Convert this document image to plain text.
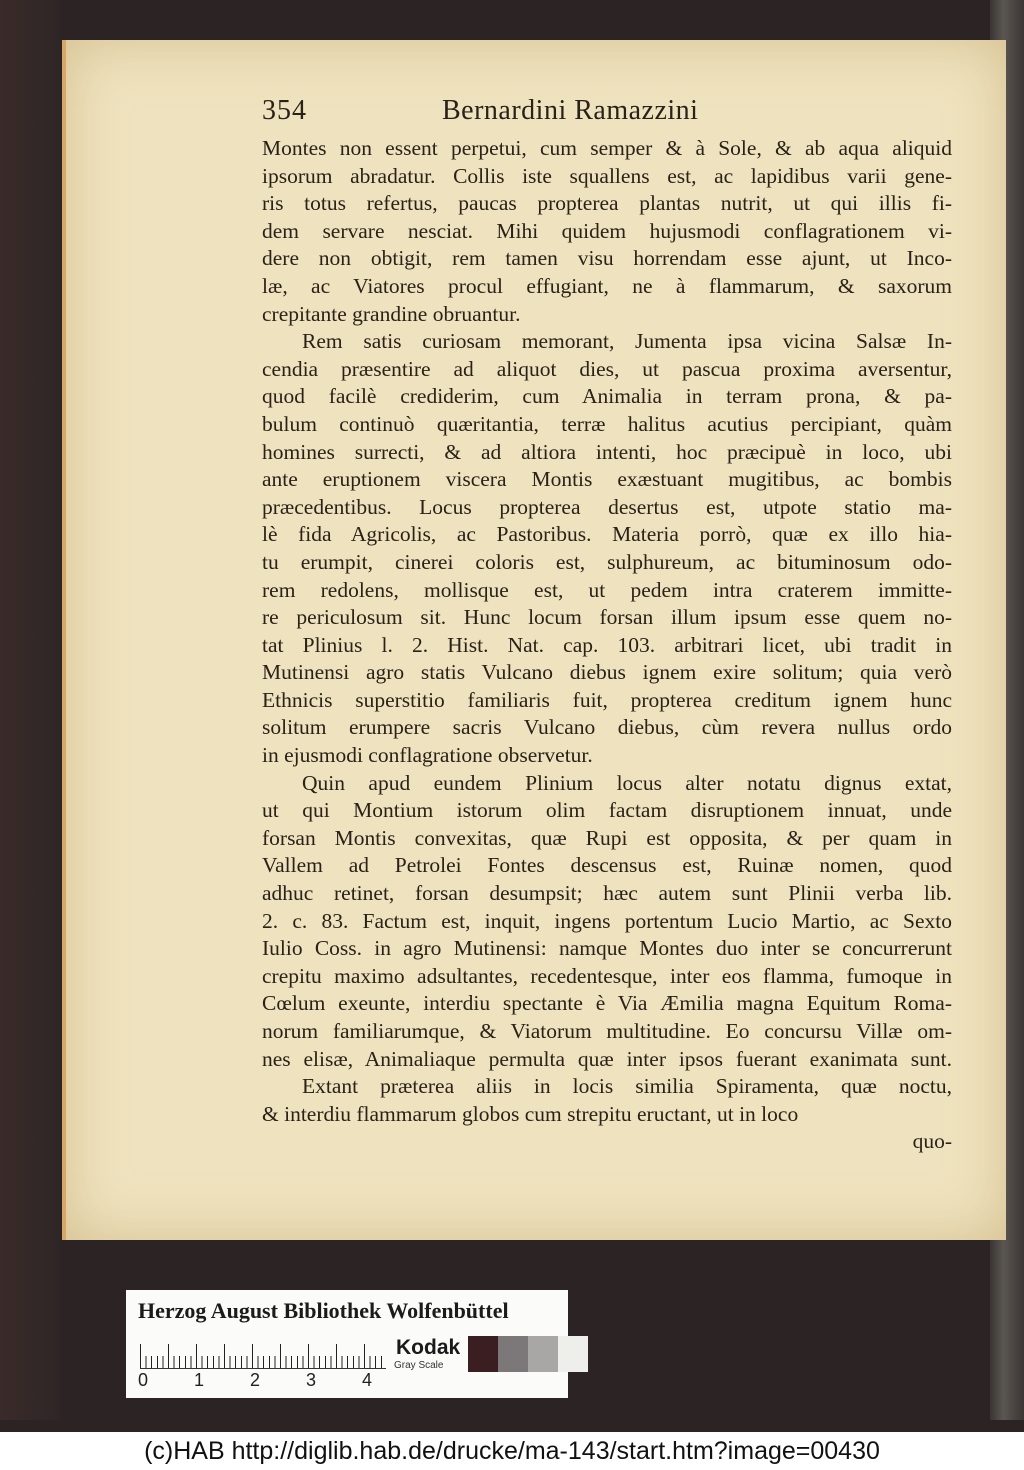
354	Bernardini Ramazzini
Montes non essent perpetui, cum semper & à Sole, & ab aqua aliquid
ipsorum abradatur. Collis iste squallens est, ac lapidibus varii gene-
ris totus refertus, paucas propterea plantas nutrit, ut qui illis fi-
dem servare nesciat. Mihi quidem hujusmodi conflagrationem vi-
dere non obtigit, rem tamen visu horrendam esse ajunt, ut Inco-
læ, ac Viatores procul effugiant, ne à flammarum, & saxorum
crepitante grandine obruantur.
Rem satis curiosam memorant, Jumenta ipsa vicina Salsæ In-
cendia præsentire ad aliquot dies, ut pascua proxima aversentur,
quod facilè crediderim, cum Animalia in terram prona, & pa-
bulum continuò quæritantia, terræ halitus acutius percipiant, quàm
homines surrecti, & ad altiora intenti, hoc præcipuè in loco, ubi
ante eruptionem viscera Montis exæstuant mugitibus, ac bombis
præcedentibus. Locus propterea desertus est, utpote statio ma-
lè fida Agricolis, ac Pastoribus. Materia porrò, quæ ex illo hia-
tu erumpit, cinerei coloris est, sulphureum, ac bituminosum odo-
rem redolens, mollisque est, ut pedem intra craterem immitte-
re periculosum sit. Hunc locum forsan illum ipsum esse quem no-
tat Plinius l. 2. Hist. Nat. cap. 103. arbitrari licet, ubi tradit in
Mutinensi agro statis Vulcano diebus ignem exire solitum; quia verò
Ethnicis superstitio familiaris fuit, propterea creditum ignem hunc
solitum erumpere sacris Vulcano diebus, cùm revera nullus ordo
in ejusmodi conflagratione observetur.
Quin apud eundem Plinium locus alter notatu dignus extat,
ut qui Montium istorum olim factam disruptionem innuat, unde
forsan Montis convexitas, quæ Rupi est opposita, & per quam in
Vallem ad Petrolei Fontes descensus est, Ruinæ nomen, quod
adhuc retinet, forsan desumpsit; hæc autem sunt Plinii verba lib.
2. c. 83. Factum est, inquit, ingens portentum Lucio Martio, ac Sexto
Iulio Coss. in agro Mutinensi: namque Montes duo inter se concurrerunt
crepitu maximo adsultantes, recedentesque, inter eos flamma, fumoque in
Cœlum exeunte, interdiu spectante è Via Æmilia magna Equitum Roma-
norum familiarumque, & Viatorum multitudine. Eo concursu Villæ om-
nes elisæ, Animaliaque permulta quæ inter ipsos fuerant exanimata sunt.
Extant præterea aliis in locis similia Spiramenta, quæ noctu,
& interdiu flammarum globos cum strepitu eructant, ut in loco
quo-
Herzog August Bibliothek Wolfenbüttel
0	1	2	3	4
Kodak
Gray Scale
(c)HAB http://diglib.hab.de/drucke/ma-143/start.htm?image=00430
